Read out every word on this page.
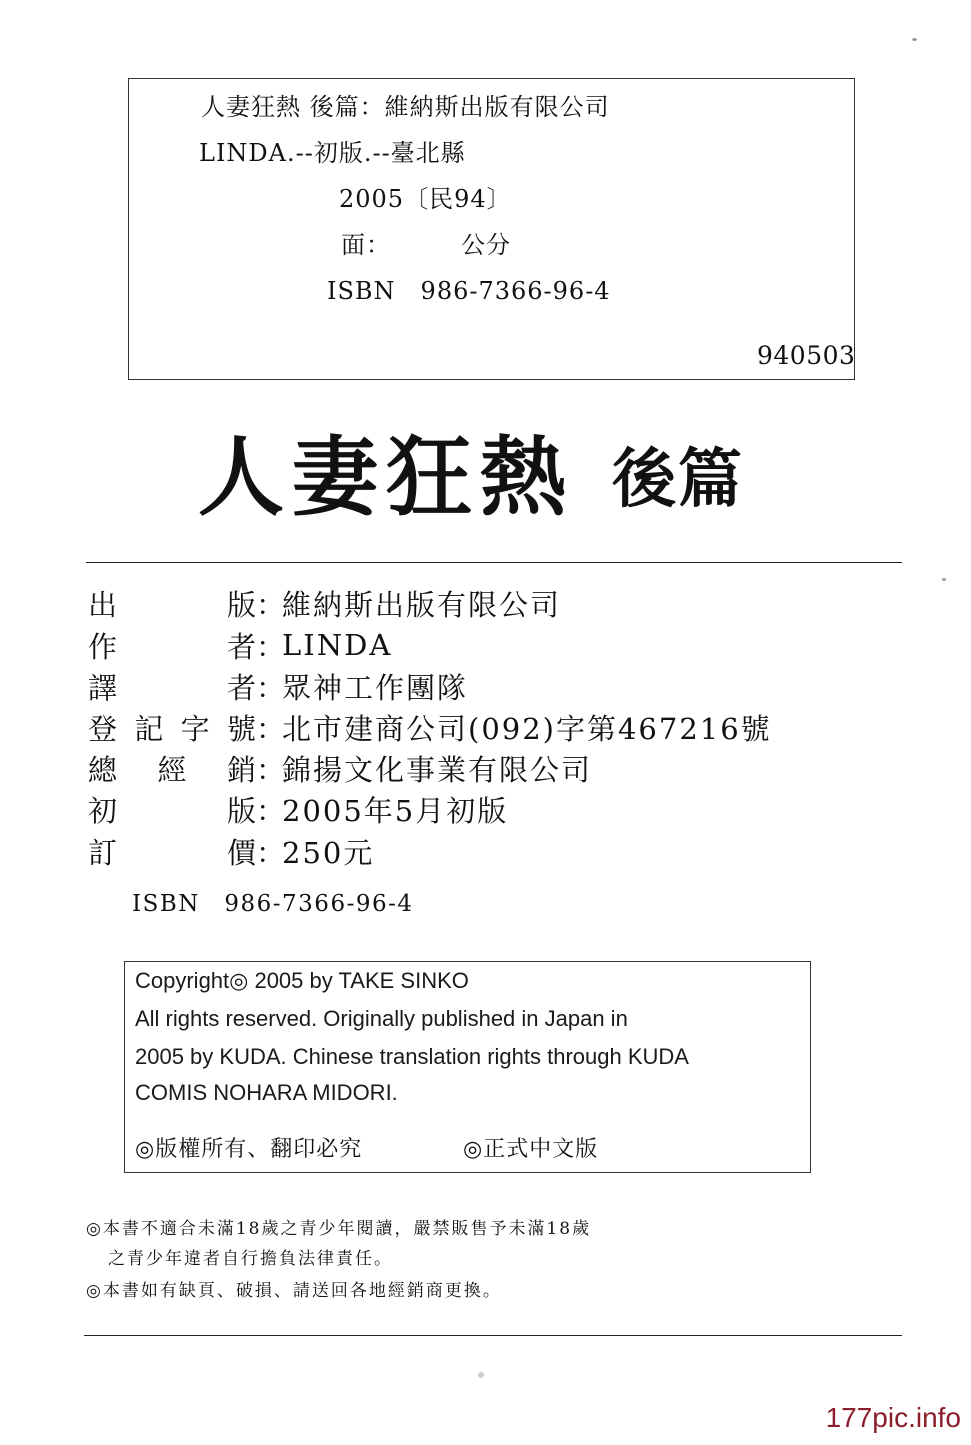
人妻狂熱 後篇：維納斯出版有限公司
LINDA.--初版.--臺北縣
2005〔民94〕
面：	公分
ISBN　986-7366-96-4
940503
人妻狂熱 後篇
出	版 ：
維納斯出版有限公司
作	者 ：
LINDA
譯	者 ：
眾神工作團隊
登 記 字 號 ：
北市建商公司(092)字第467216號
總 經 銷 ：
錦揚文化事業有限公司
初	版 ：
2005年5月初版
訂	價 ：
250元
ISBN　986-7366-96-4
Copyright◎ 2005 by TAKE SINKO
All rights reserved. Originally published in Japan in
2005 by KUDA. Chinese translation rights through KUDA
COMIS NOHARA MIDORI.
◎版權所有、翻印必究	◎正式中文版
◎本書不適合未滿18歲之青少年閱讀，嚴禁販售予未滿18歲
之青少年違者自行擔負法律責任。
◎本書如有缺頁、破損、請送回各地經銷商更換。
177pic.info
